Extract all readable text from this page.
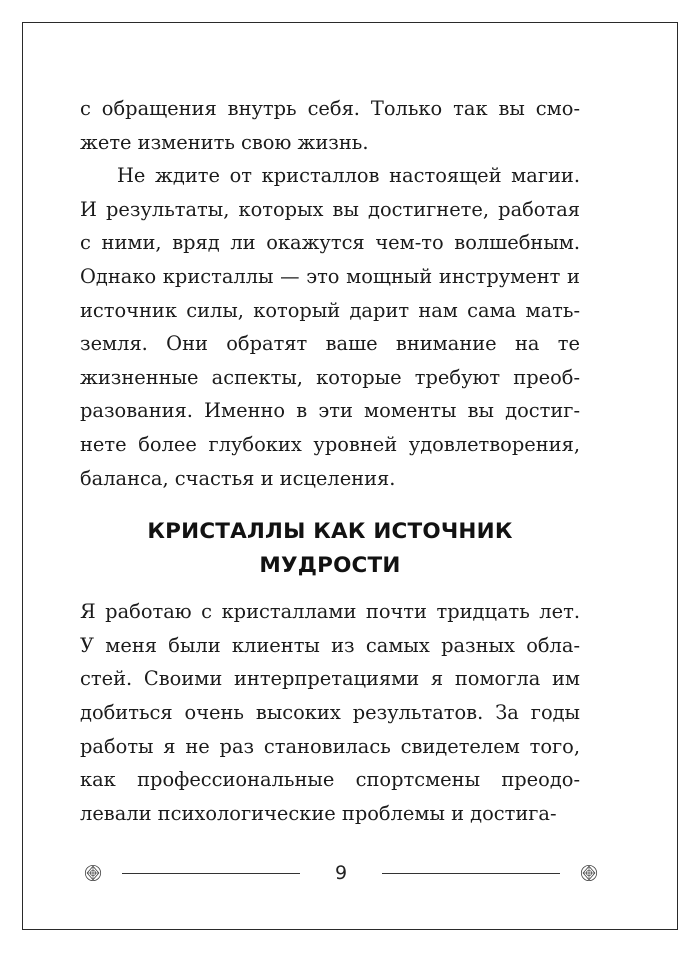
с обращения внутрь себя. Только так вы сможете изменить свою жизнь.

Не ждите от кристаллов настоящей магии. И результаты, которых вы достигнете, работая с ними, вряд ли окажутся чем-то волшебным. Однако кристаллы — это мощный инструмент и источник силы, который дарит нам сама мать-земля. Они обратят ваше внимание на те жизненные аспекты, которые требуют преобразования. Именно в эти моменты вы достигнете более глубоких уровней удовлетворения, баланса, счастья и исцеления.

КРИСТАЛЛЫ КАК ИСТОЧНИК
МУДРОСТИ

Я работаю с кристаллами почти тридцать лет. У меня были клиенты из самых разных областей. Своими интерпретациями я помогла им добиться очень высоких результатов. За годы работы я не раз становилась свидетелем того, как профессиональные спортсмены преодолевали психологические проблемы и достига-

9
